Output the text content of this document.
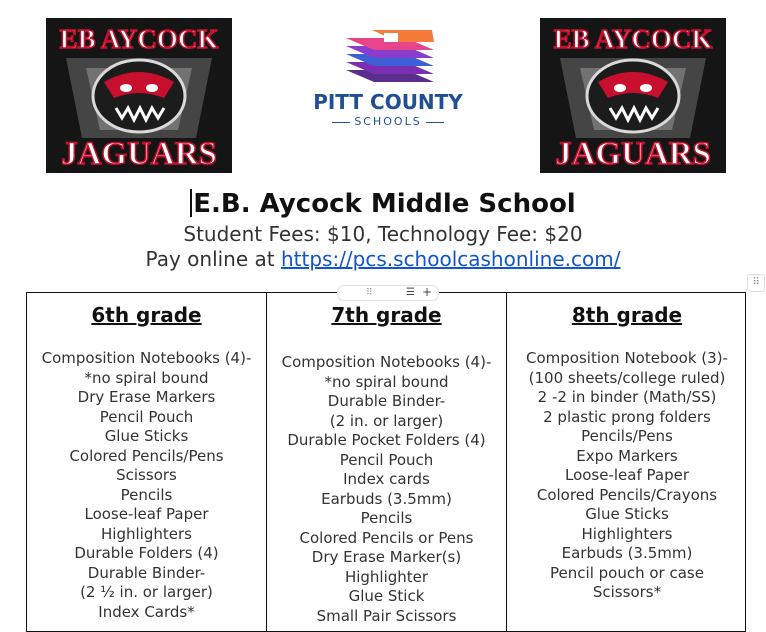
EB AYCOCK
JAGUARS
PITT COUNTY
SCHOOLS
EB AYCOCK
JAGUARS
E.B. Aycock Middle School
Student Fees: $10, Technology Fee: $20
Pay online at https://pcs.schoolcashonline.com/
⠿
⠿	☰ +
6th grade
Composition Notebooks (4)-
*no spiral bound
Dry Erase Markers
Pencil Pouch
Glue Sticks
Colored Pencils/Pens
Scissors
Pencils
Loose-leaf Paper
Highlighters
Durable Folders (4)
Durable Binder-
(2 ½ in. or larger)
Index Cards*
7th grade
Composition Notebooks (4)-
*no spiral bound
Durable Binder-
(2 in. or larger)
Durable Pocket Folders (4)
Pencil Pouch
Index cards
Earbuds (3.5mm)
Pencils
Colored Pencils or Pens
Dry Erase Marker(s)
Highlighter
Glue Stick
Small Pair Scissors
8th grade
Composition Notebook (3)-
(100 sheets/college ruled)
2 -2 in binder (Math/SS)
2 plastic prong folders
Pencils/Pens
Expo Markers
Loose-leaf Paper
Colored Pencils/Crayons
Glue Sticks
Highlighters
Earbuds (3.5mm)
Pencil pouch or case
Scissors*
